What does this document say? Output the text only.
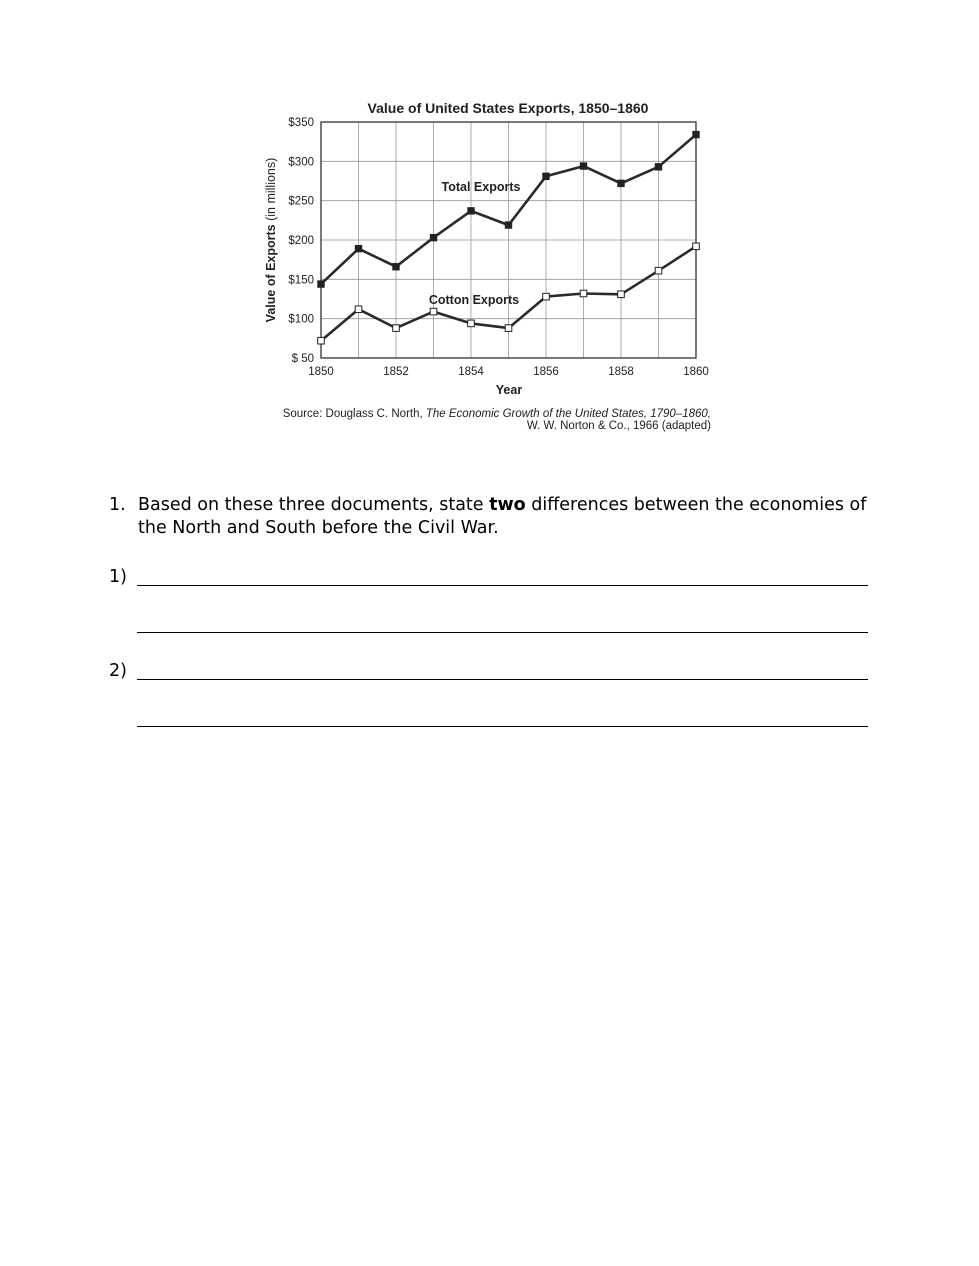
Value of United States Exports, 1850–1860
$350
$300
$250
$200
$150
$100
$ 50
1850	1852	1854	1856	1858	1860
Value of Exports (in millions)
Year
Total Exports
Cotton Exports
Source: Douglass C. North, The Economic Growth of the United States, 1790–1860,
W. W. Norton & Co., 1966 (adapted)
1. Based on these three documents, state two differences between the economies of the North and South before the Civil War.
1)
2)
